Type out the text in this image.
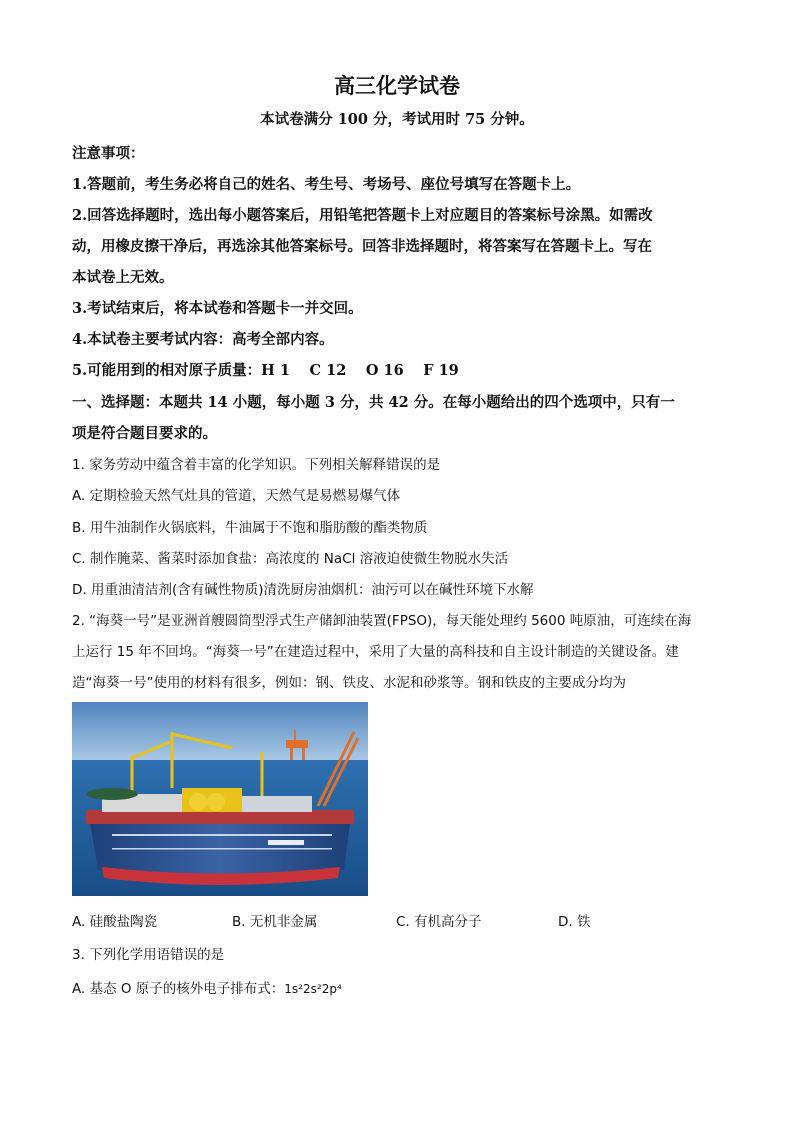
高三化学试卷
本试卷满分 100 分，考试用时 75 分钟。
注意事项：
1.答题前，考生务必将自己的姓名、考生号、考场号、座位号填写在答题卡上。
2.回答选择题时，选出每小题答案后，用铅笔把答题卡上对应题目的答案标号涂黑。如需改
动，用橡皮擦干净后，再选涂其他答案标号。回答非选择题时，将答案写在答题卡上。写在
本试卷上无效。
3.考试结束后，将本试卷和答题卡一并交回。
4.本试卷主要考试内容：高考全部内容。
5.可能用到的相对原子质量：H 1　 C 12　 O 16　 F 19
一、选择题：本题共 14 小题，每小题 3 分，共 42 分。在每小题给出的四个选项中，只有一
项是符合题目要求的。
1. 家务劳动中蕴含着丰富的化学知识。下列相关解释错误的是
A. 定期检验天然气灶具的管道，天然气是易燃易爆气体
B. 用牛油制作火锅底料，牛油属于不饱和脂肪酸的酯类物质
C. 制作腌菜、酱菜时添加食盐：高浓度的 NaCl 溶液迫使微生物脱水失活
D. 用重油清洁剂(含有碱性物质)清洗厨房油烟机：油污可以在碱性环境下水解
2. “海葵一号”是亚洲首艘圆筒型浮式生产储卸油装置(FPSO)，每天能处理约 5600 吨原油，可连续在海
上运行 15 年不回坞。“海葵一号”在建造过程中，采用了大量的高科技和自主设计制造的关键设备。建
造“海葵一号”使用的材料有很多，例如：钢、铁皮、水泥和砂浆等。钢和铁皮的主要成分均为
A. 硅酸盐陶瓷	B. 无机非金属	C. 有机高分子	D. 铁
3. 下列化学用语错误的是
A. 基态 O 原子的核外电子排布式：1s²2s²2p⁴
